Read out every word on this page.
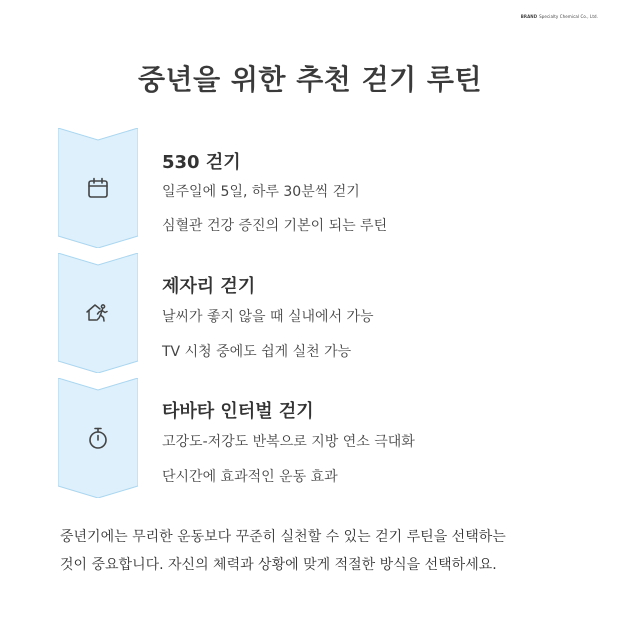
BRAND Specialty Chemical Co., Ltd.
중년을 위한 추천 걷기 루틴
530 걷기
일주일에 5일, 하루 30분씩 걷기
심혈관 건강 증진의 기본이 되는 루틴
제자리 걷기
날씨가 좋지 않을 때 실내에서 가능
TV 시청 중에도 쉽게 실천 가능
타바타 인터벌 걷기
고강도-저강도 반복으로 지방 연소 극대화
단시간에 효과적인 운동 효과
중년기에는 무리한 운동보다 꾸준히 실천할 수 있는 걷기 루틴을 선택하는
것이 중요합니다. 자신의 체력과 상황에 맞게 적절한 방식을 선택하세요.
